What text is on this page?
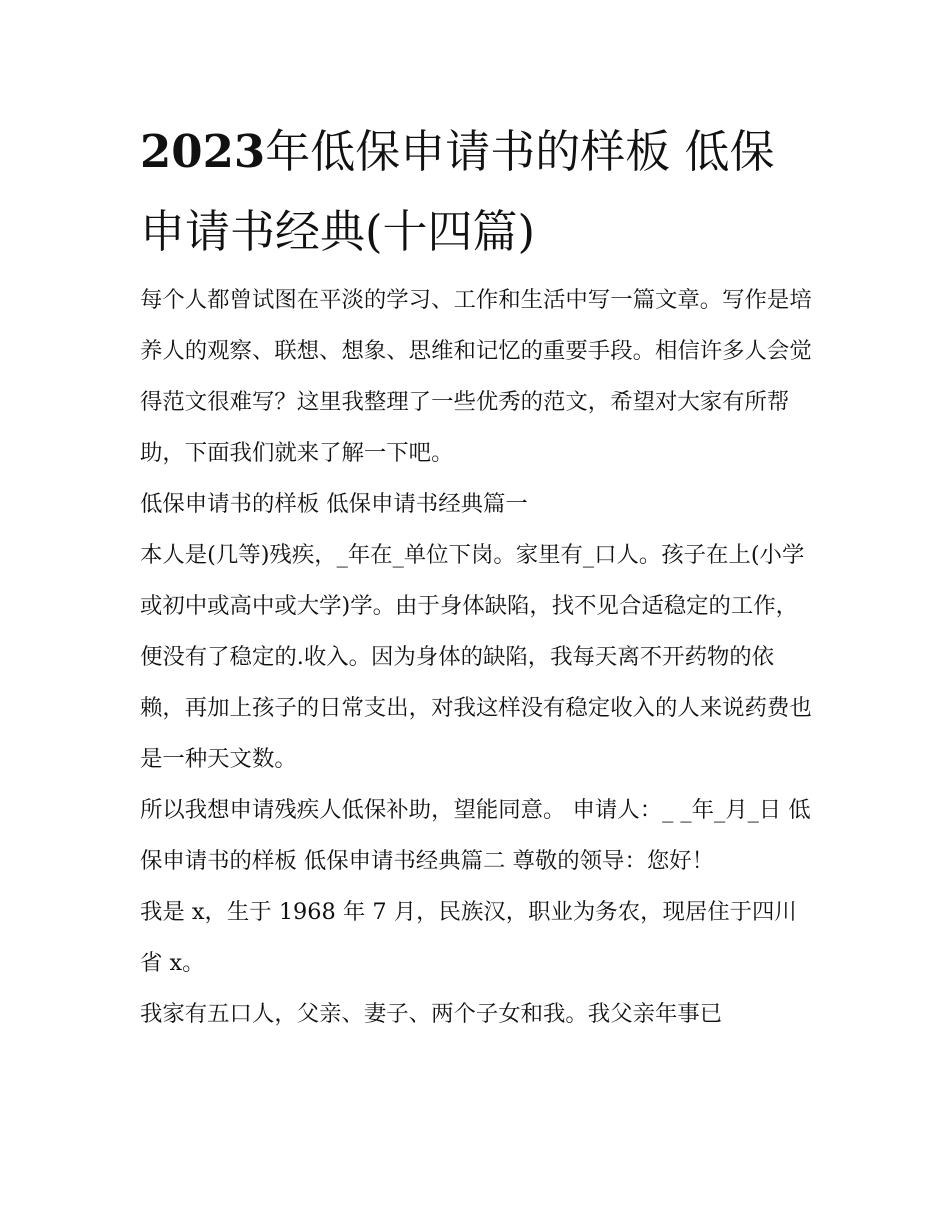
2023年低保申请书的样板 低保申请书经典(十四篇)

每个人都曾试图在平淡的学习、工作和生活中写一篇文章。写作是培养人的观察、联想、想象、思维和记忆的重要手段。相信许多人会觉得范文很难写？这里我整理了一些优秀的范文，希望对大家有所帮助，下面我们就来了解一下吧。

低保申请书的样板 低保申请书经典篇一

本人是(几等)残疾，_年在_单位下岗。家里有_口人。孩子在上(小学或初中或高中或大学)学。由于身体缺陷，找不见合适稳定的工作，便没有了稳定的.收入。因为身体的缺陷，我每天离不开药物的依赖，再加上孩子的日常支出，对我这样没有稳定收入的人来说药费也是一种天文数。

所以我想申请残疾人低保补助，望能同意。 申请人：_ _年_月_日 低保申请书的样板 低保申请书经典篇二 尊敬的领导：您好！

我是 x，生于 1968 年 7 月，民族汉，职业为务农，现居住于四川省 x。

我家有五口人，父亲、妻子、两个子女和我。我父亲年事已
